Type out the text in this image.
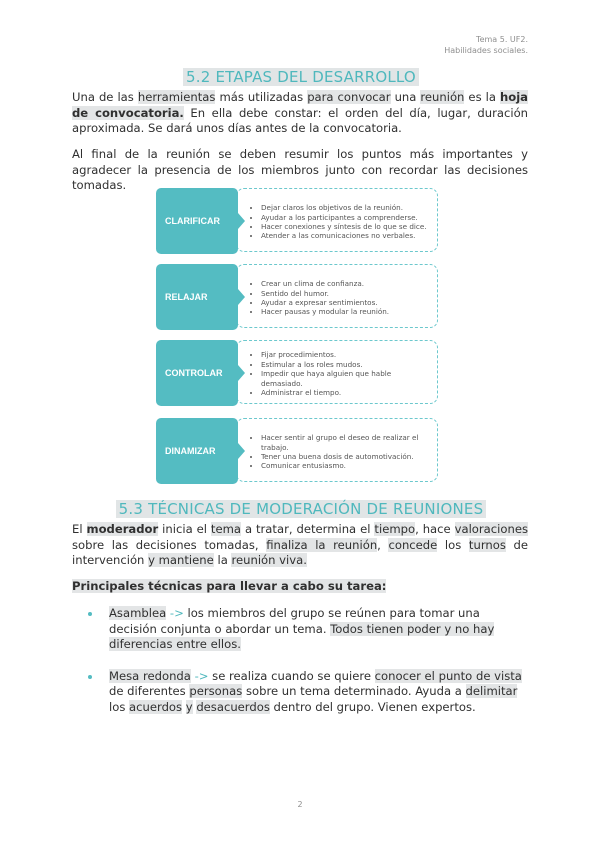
Tema 5. UF2.
Habilidades sociales.
5.2 ETAPAS DEL DESARROLLO
Una de las herramientas más utilizadas para convocar una reunión es la hoja de convocatoria. En ella debe constar: el orden del día, lugar, duración aproximada. Se dará unos días antes de la convocatoria.
Al final de la reunión se deben resumir los puntos más importantes y agradecer la presencia de los miembros junto con recordar las decisiones tomadas.
• Dejar claros los objetivos de la reunión.
• Ayudar a los participantes a comprenderse.
• Hacer conexiones y síntesis de lo que se dice.
• Atender a las comunicaciones no verbales.
CLARIFICAR
• Crear un clima de confianza.
• Sentido del humor.
• Ayudar a expresar sentimientos.
• Hacer pausas y modular la reunión.
RELAJAR
• Fijar procedimientos.
• Estimular a los roles mudos.
• Impedir que haya alguien que hable demasiado.
• Administrar el tiempo.
CONTROLAR
• Hacer sentir al grupo el deseo de realizar el trabajo.
• Tener una buena dosis de automotivación.
• Comunicar entusiasmo.
DINAMIZAR
5.3 TÉCNICAS DE MODERACIÓN DE REUNIONES
El moderador inicia el tema a tratar, determina el tiempo, hace valoraciones sobre las decisiones tomadas, finaliza la reunión, concede los turnos de intervención y mantiene la reunión viva.
Principales técnicas para llevar a cabo su tarea:
Asamblea -> los miembros del grupo se reúnen para tomar una decisión conjunta o abordar un tema. Todos tienen poder y no hay diferencias entre ellos.
Mesa redonda -> se realiza cuando se quiere conocer el punto de vista de diferentes personas sobre un tema determinado. Ayuda a delimitar los acuerdos y desacuerdos dentro del grupo. Vienen expertos.
2
